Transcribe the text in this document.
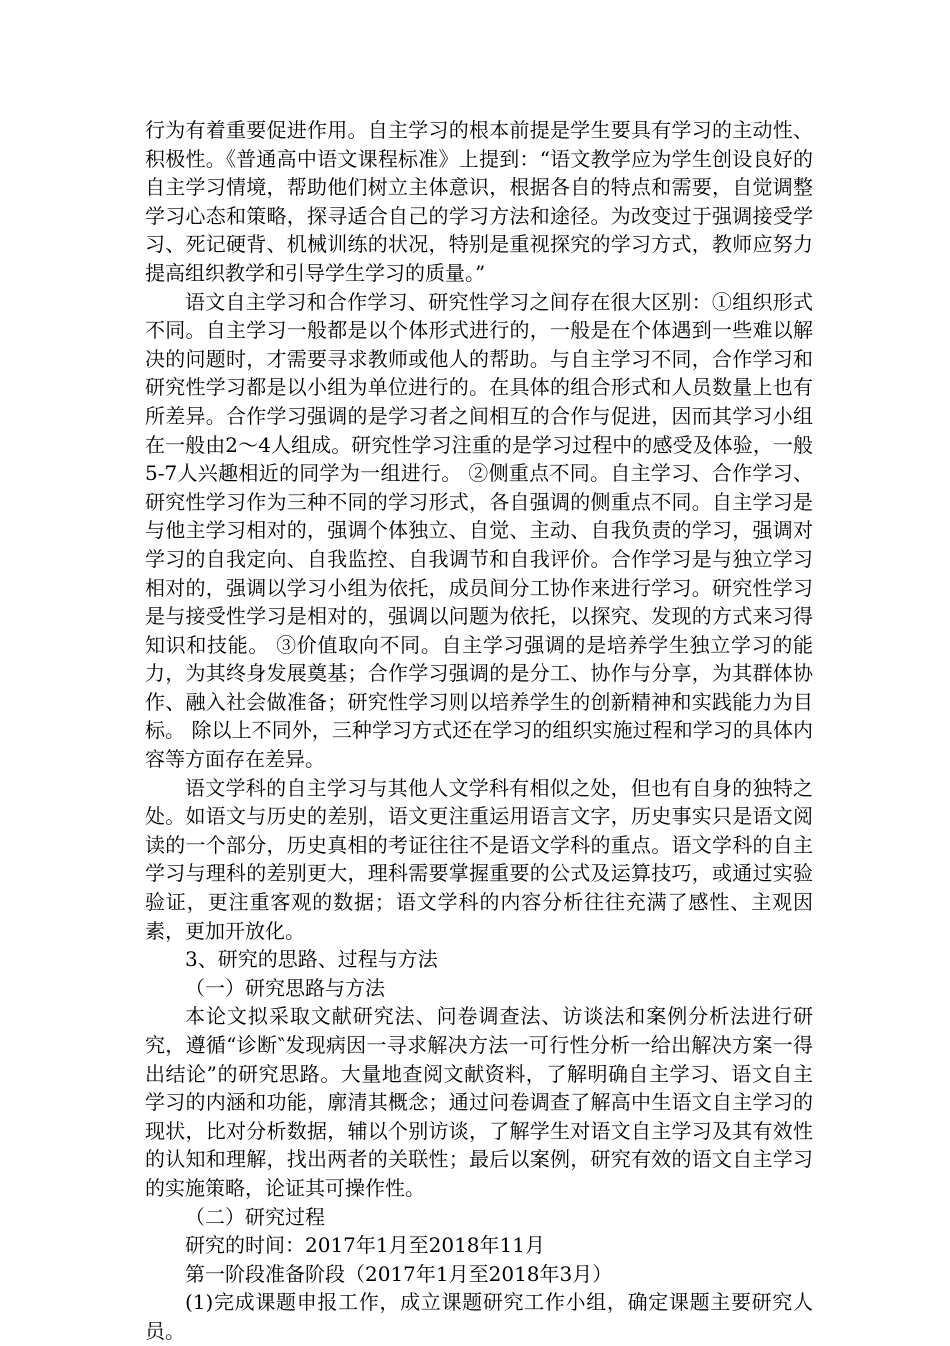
行为有着重要促进作用。自主学习的根本前提是学生要具有学习的主动性、积极性。《普通高中语文课程标准》上提到：“语文教学应为学生创设良好的自主学习情境，帮助他们树立主体意识，根据各自的特点和需要，自觉调整学习心态和策略，探寻适合自己的学习方法和途径。为改变过于强调接受学习、死记硬背、机械训练的状况，特别是重视探究的学习方式，教师应努力提高组织教学和引导学生学习的质量。”

语文自主学习和合作学习、研究性学习之间存在很大区别：①组织形式不同。自主学习一般都是以个体形式进行的，一般是在个体遇到一些难以解决的问题时，才需要寻求教师或他人的帮助。与自主学习不同，合作学习和研究性学习都是以小组为单位进行的。在具体的组合形式和人员数量上也有所差异。合作学习强调的是学习者之间相互的合作与促进，因而其学习小组在一般由2～4人组成。研究性学习注重的是学习过程中的感受及体验，一般5-7人兴趣相近的同学为一组进行。 ②侧重点不同。自主学习、合作学习、研究性学习作为三种不同的学习形式，各自强调的侧重点不同。自主学习是与他主学习相对的，强调个体独立、自觉、主动、自我负责的学习，强调对学习的自我定向、自我监控、自我调节和自我评价。合作学习是与独立学习相对的，强调以学习小组为依托，成员间分工协作来进行学习。研究性学习是与接受性学习是相对的，强调以问题为依托，以探究、发现的方式来习得知识和技能。 ③价值取向不同。自主学习强调的是培养学生独立学习的能力，为其终身发展奠基；合作学习强调的是分工、协作与分享，为其群体协作、融入社会做准备；研究性学习则以培养学生的创新精神和实践能力为目标。 除以上不同外，三种学习方式还在学习的组织实施过程和学习的具体内容等方面存在差异。

语文学科的自主学习与其他人文学科有相似之处，但也有自身的独特之处。如语文与历史的差别，语文更注重运用语言文字，历史事实只是语文阅读的一个部分，历史真相的考证往往不是语文学科的重点。语文学科的自主学习与理科的差别更大，理科需要掌握重要的公式及运算技巧，或通过实验验证，更注重客观的数据；语文学科的内容分析往往充满了感性、主观因素，更加开放化。

3、研究的思路、过程与方法

（一）研究思路与方法

本论文拟采取文献研究法、问卷调查法、访谈法和案例分析法进行研究，遵循“诊断‶发现病因一寻求解决方法一可行性分析一给出解决方案一得出结论”的研究思路。大量地查阅文献资料，了解明确自主学习、语文自主学习的内涵和功能，廓清其概念；通过问卷调查了解高中生语文自主学习的现状，比对分析数据，辅以个别访谈，了解学生对语文自主学习及其有效性的认知和理解，找出两者的关联性；最后以案例，研究有效的语文自主学习的实施策略，论证其可操作性。

（二）研究过程

研究的时间：2017年1月至2018年11月

第一阶段准备阶段（2017年1月至2018年3月）

(1)完成课题申报工作，成立课题研究工作小组，确定课题主要研究人员。
